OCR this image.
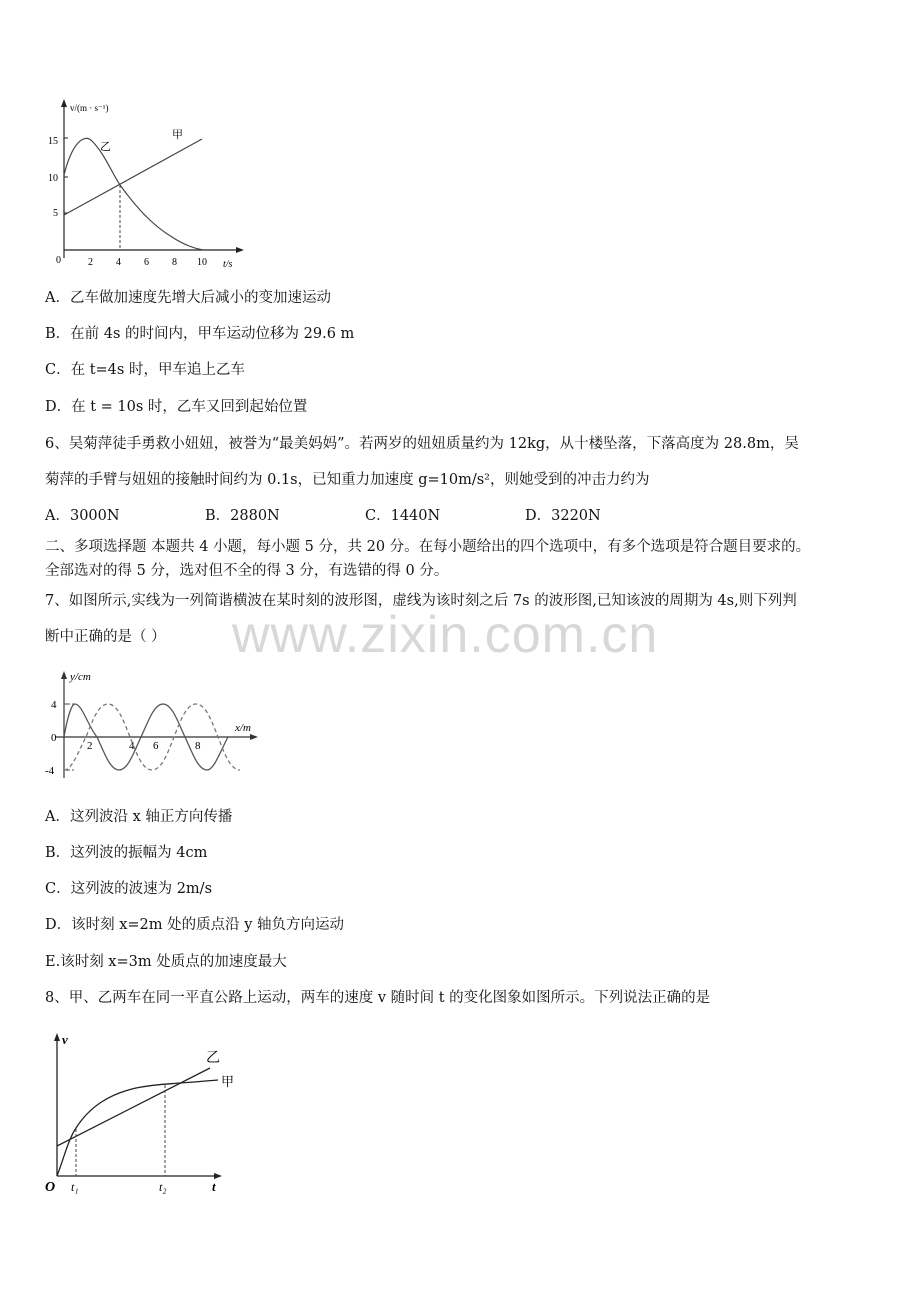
v/(m · s⁻¹)
t/s
15
10
5
0	2 4 6 8 10
乙
甲
A．乙车做加速度先增大后减小的变加速运动
B．在前 4s 的时间内，甲车运动位移为 29.6 m
C．在 t=4s 时，甲车追上乙车
D．在 t = 10s 时，乙车又回到起始位置
6、吴菊萍徒手勇救小妞妞，被誉为“最美妈妈”。若两岁的妞妞质量约为 12kg，从十楼坠落，下落高度为 28.8m，吴
菊萍的手臂与妞妞的接触时间约为 0.1s，已知重力加速度 g=10m/s²，则她受到的冲击力约为
A．3000N	B．2880N	C．1440N	D．3220N
二、多项选择题 本题共 4 小题，每小题 5 分，共 20 分。在每小题给出的四个选项中，有多个选项是符合题目要求的。
全部选对的得 5 分，选对但不全的得 3 分，有选错的得 0 分。
7、如图所示,实线为一列简谐横波在某时刻的波形图，虚线为该时刻之后 7s 的波形图,已知该波的周期为 4s,则下列判
断中正确的是（ ） www.zixin.com.cn
y/cm
x/m
4
0
-4
2	4 6	8
A．这列波沿 x 轴正方向传播
B．这列波的振幅为 4cm
C．这列波的波速为 2m/s
D．该时刻 x=2m 处的质点沿 y 轴负方向运动
E.该时刻 x=3m 处质点的加速度最大
8、甲、乙两车在同一平直公路上运动，两车的速度 v 随时间 t 的变化图象如图所示。下列说法正确的是
v
t
O t₁	t₂
乙
甲
